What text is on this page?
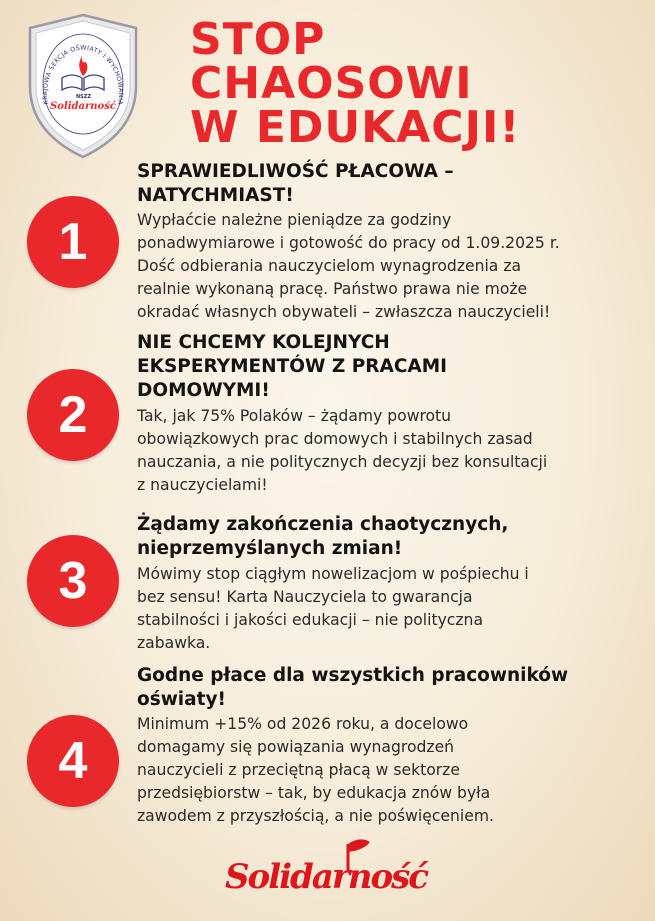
KRAJOWA SEKCJA OŚWIATY I WYCHOWANIA
NSZZ
Solidarność
STOP
CHAOSOWI
W EDUKACJI!
1
SPRAWIEDLIWOŚĆ PŁACOWA –
NATYCHMIAST!
Wypłaćcie należne pieniądze za godziny
ponadwymiarowe i gotowość do pracy od 1.09.2025 r.
Dość odbierania nauczycielom wynagrodzenia za
realnie wykonaną pracę. Państwo prawa nie może
okradać własnych obywateli – zwłaszcza nauczycieli!
2
NIE CHCEMY KOLEJNYCH
EKSPERYMENTÓW Z PRACAMI
DOMOWYMI!
Tak, jak 75% Polaków – żądamy powrotu
obowiązkowych prac domowych i stabilnych zasad
nauczania, a nie politycznych decyzji bez konsultacji
z nauczycielami!
3
Żądamy zakończenia chaotycznych,
nieprzemyślanych zmian!
Mówimy stop ciągłym nowelizacjom w pośpiechu i
bez sensu! Karta Nauczyciela to gwarancja
stabilności i jakości edukacji – nie polityczna
zabawka.
4
Godne płace dla wszystkich pracowników
oświaty!
Minimum +15% od 2026 roku, a docelowo
domagamy się powiązania wynagrodzeń
nauczycieli z przeciętną płacą w sektorze
przedsiębiorstw – tak, by edukacja znów była
zawodem z przyszłością, a nie poświęceniem.
Solidarność
